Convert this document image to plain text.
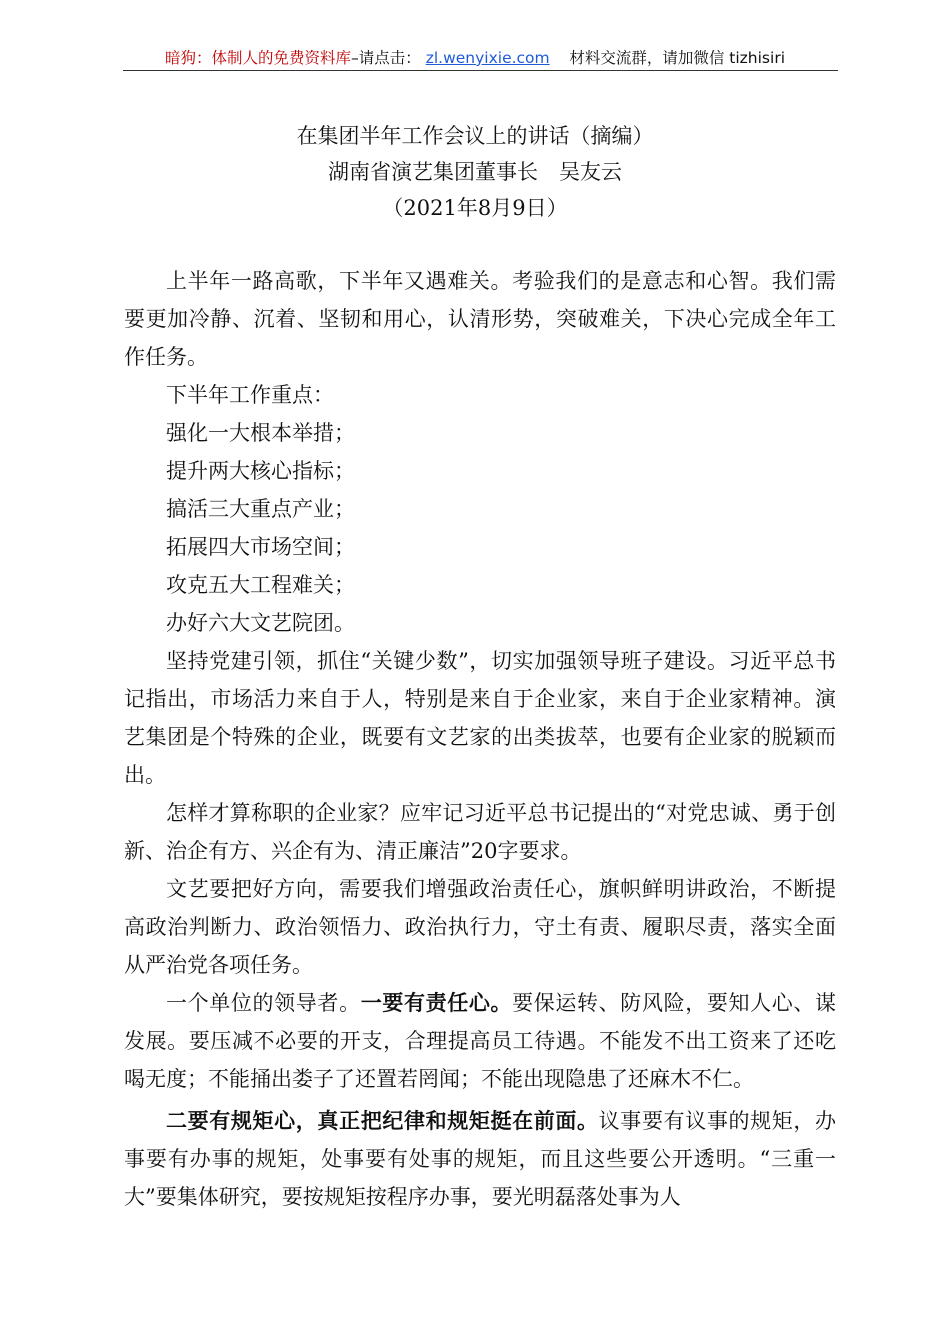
暗狗：体制人的免费资料库–请点击： zl.wenyixie.com 材料交流群，请加微信 tizhisiri
在集团半年工作会议上的讲话（摘编）
湖南省演艺集团董事长　吴友云
（2021年8月9日）

上半年一路高歌，下半年又遇难关。考验我们的是意志和心智。我们需要更加冷静、沉着、坚韧和用心，认清形势，突破难关，下决心完成全年工作任务。

下半年工作重点：

强化一大根本举措；

提升两大核心指标；

搞活三大重点产业；

拓展四大市场空间；

攻克五大工程难关；

办好六大文艺院团。

坚持党建引领，抓住“关键少数”，切实加强领导班子建设。习近平总书记指出，市场活力来自于人，特别是来自于企业家，来自于企业家精神。演艺集团是个特殊的企业，既要有文艺家的出类拔萃，也要有企业家的脱颖而出。

怎样才算称职的企业家？应牢记习近平总书记提出的“对党忠诚、勇于创新、治企有方、兴企有为、清正廉洁”20字要求。

文艺要把好方向，需要我们增强政治责任心，旗帜鲜明讲政治，不断提高政治判断力、政治领悟力、政治执行力，守土有责、履职尽责，落实全面从严治党各项任务。

一个单位的领导者。一要有责任心。要保运转、防风险，要知人心、谋发展。要压减不必要的开支，合理提高员工待遇。不能发不出工资来了还吃喝无度；不能捅出娄子了还置若罔闻；不能出现隐患了还麻木不仁。

二要有规矩心，真正把纪律和规矩挺在前面。议事要有议事的规矩，办事要有办事的规矩，处事要有处事的规矩，而且这些要公开透明。“三重一大”要集体研究，要按规矩按程序办事，要光明磊落处事为人
